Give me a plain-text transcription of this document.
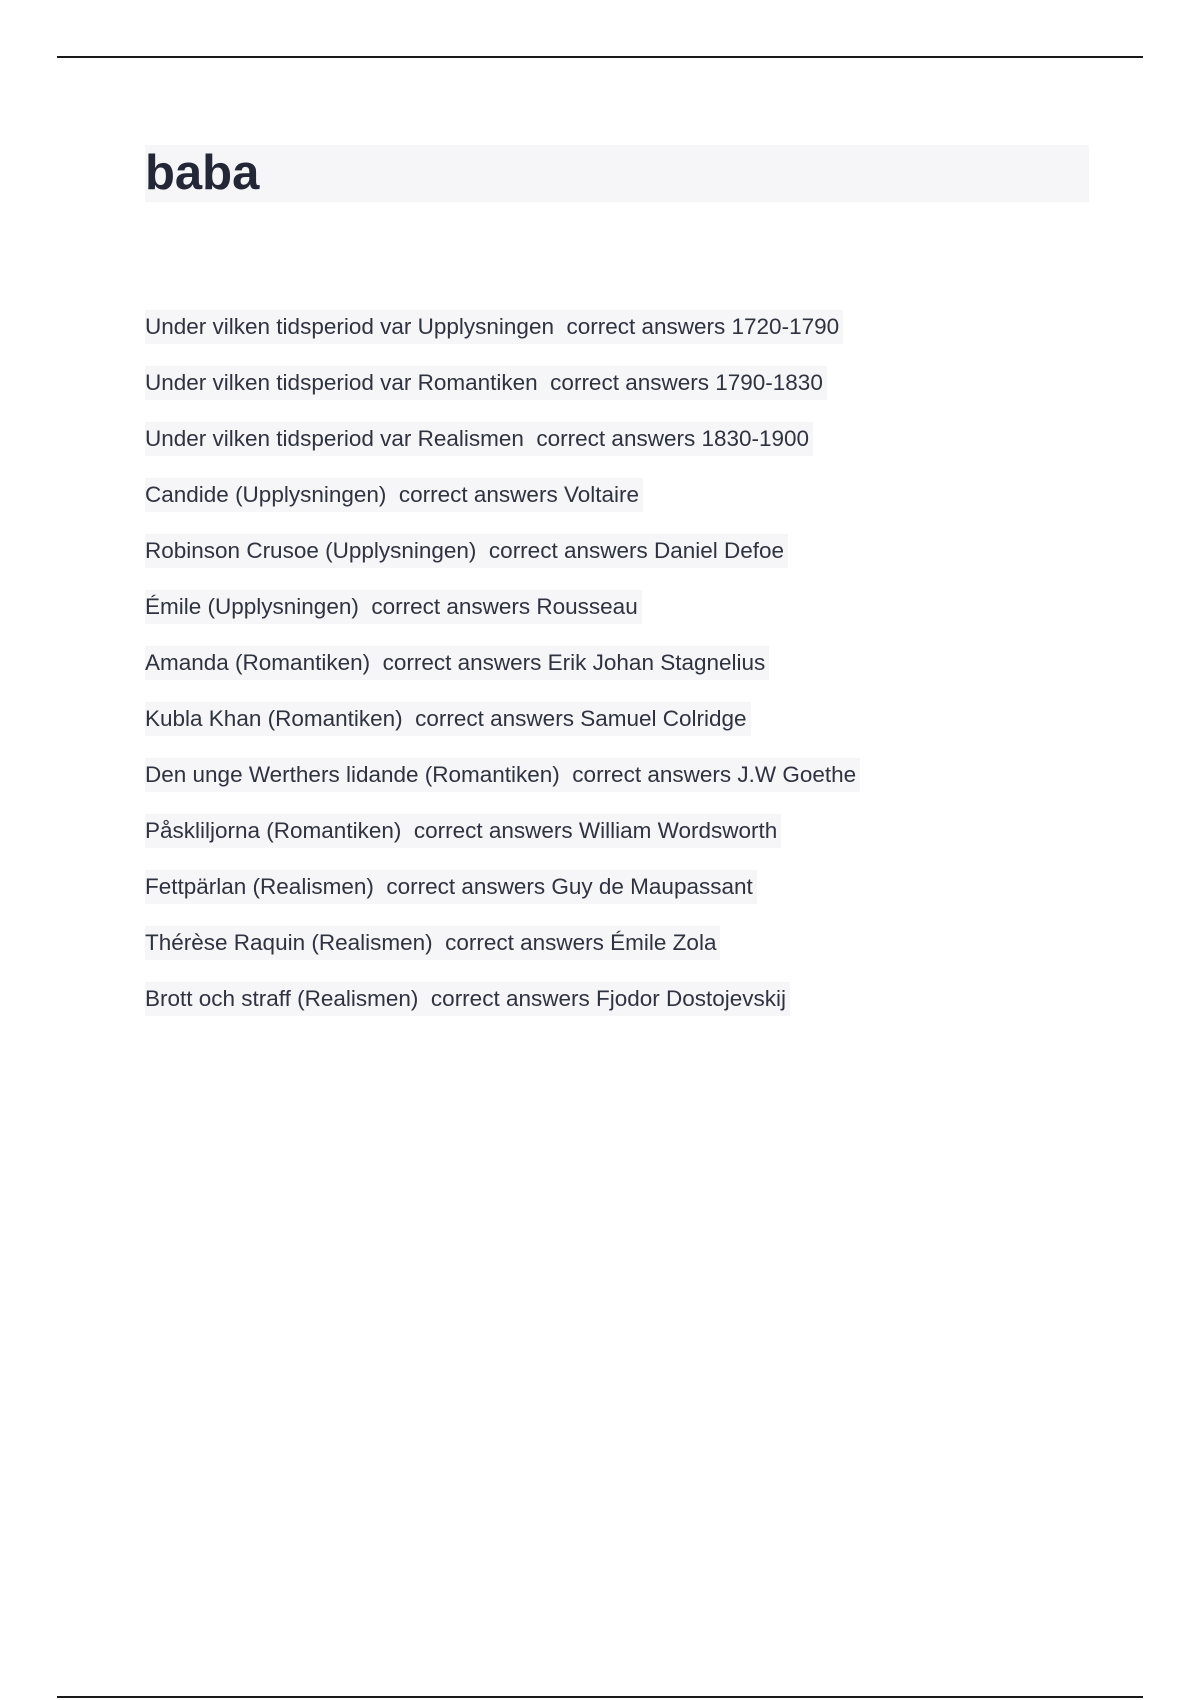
baba
Under vilken tidsperiod var Upplysningen  correct answers 1720-1790
Under vilken tidsperiod var Romantiken  correct answers 1790-1830
Under vilken tidsperiod var Realismen  correct answers 1830-1900
Candide (Upplysningen)  correct answers Voltaire
Robinson Crusoe (Upplysningen)  correct answers Daniel Defoe
Émile (Upplysningen)  correct answers Rousseau
Amanda (Romantiken)  correct answers Erik Johan Stagnelius
Kubla Khan (Romantiken)  correct answers Samuel Colridge
Den unge Werthers lidande (Romantiken)  correct answers J.W Goethe
Påskliljorna (Romantiken)  correct answers William Wordsworth
Fettpärlan (Realismen)  correct answers Guy de Maupassant
Thérèse Raquin (Realismen)  correct answers Émile Zola
Brott och straff (Realismen)  correct answers Fjodor Dostojevskij
